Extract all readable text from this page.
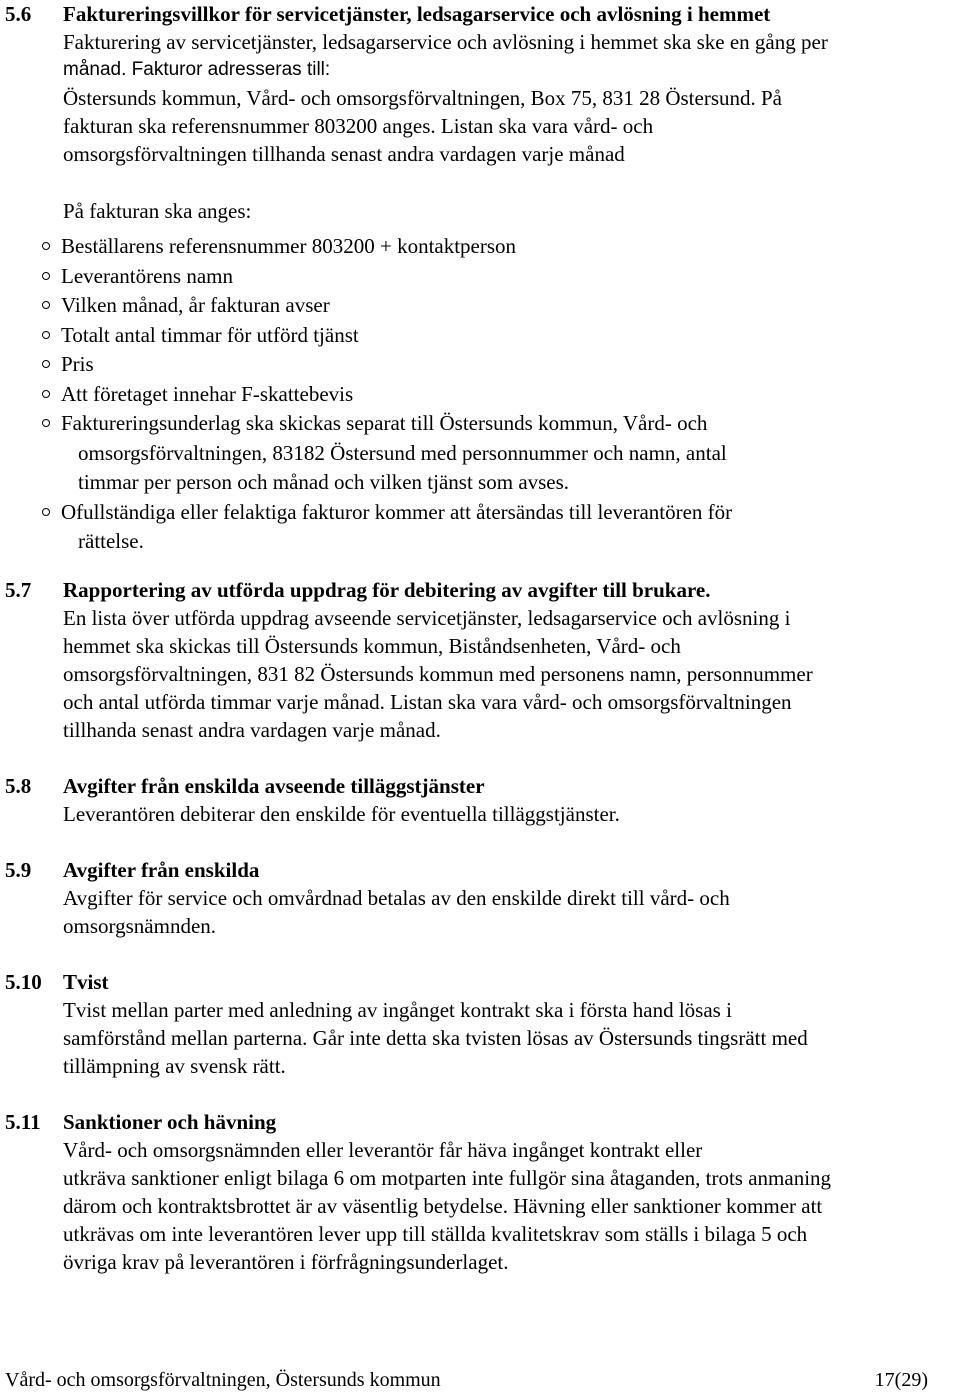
5.6 Faktureringsvillkor för servicetjänster, ledsagarservice och avlösning i hemmet
Fakturering av servicetjänster, ledsagarservice och avlösning i hemmet ska ske en gång per
månad. Fakturor adresseras till:
Östersunds kommun, Vård- och omsorgsförvaltningen, Box 75, 831 28 Östersund. På
fakturan ska referensnummer 803200 anges. Listan ska vara vård- och
omsorgsförvaltningen tillhanda senast andra vardagen varje månad
På fakturan ska anges:
Beställarens referensnummer 803200 + kontaktperson
Leverantörens namn
Vilken månad, år fakturan avser
Totalt antal timmar för utförd tjänst
Pris
Att företaget innehar F-skattebevis
Faktureringsunderlag ska skickas separat till Östersunds kommun, Vård- och
omsorgsförvaltningen, 83182 Östersund med personnummer och namn, antal
timmar per person och månad och vilken tjänst som avses.
Ofullständiga eller felaktiga fakturor kommer att återsändas till leverantören för
rättelse.
5.7 Rapportering av utförda uppdrag för debitering av avgifter till brukare.
En lista över utförda uppdrag avseende servicetjänster, ledsagarservice och avlösning i
hemmet ska skickas till Östersunds kommun, Biståndsenheten, Vård- och
omsorgsförvaltningen, 831 82 Östersunds kommun med personens namn, personnummer
och antal utförda timmar varje månad. Listan ska vara vård- och omsorgsförvaltningen
tillhanda senast andra vardagen varje månad.
5.8 Avgifter från enskilda avseende tilläggstjänster
Leverantören debiterar den enskilde för eventuella tilläggstjänster.
5.9 Avgifter från enskilda
Avgifter för service och omvårdnad betalas av den enskilde direkt till vård- och
omsorgsnämnden.
5.10 Tvist
Tvist mellan parter med anledning av ingånget kontrakt ska i första hand lösas i
samförstånd mellan parterna. Går inte detta ska tvisten lösas av Östersunds tingsrätt med
tillämpning av svensk rätt.
5.11 Sanktioner och hävning
Vård- och omsorgsnämnden eller leverantör får häva ingånget kontrakt eller
utkräva sanktioner enligt bilaga 6 om motparten inte fullgör sina åtaganden, trots anmaning
därom och kontraktsbrottet är av väsentlig betydelse. Hävning eller sanktioner kommer att
utkrävas om inte leverantören lever upp till ställda kvalitetskrav som ställs i bilaga 5 och
övriga krav på leverantören i förfrågningsunderlaget.
Vård- och omsorgsförvaltningen, Östersunds kommun	17(29)
